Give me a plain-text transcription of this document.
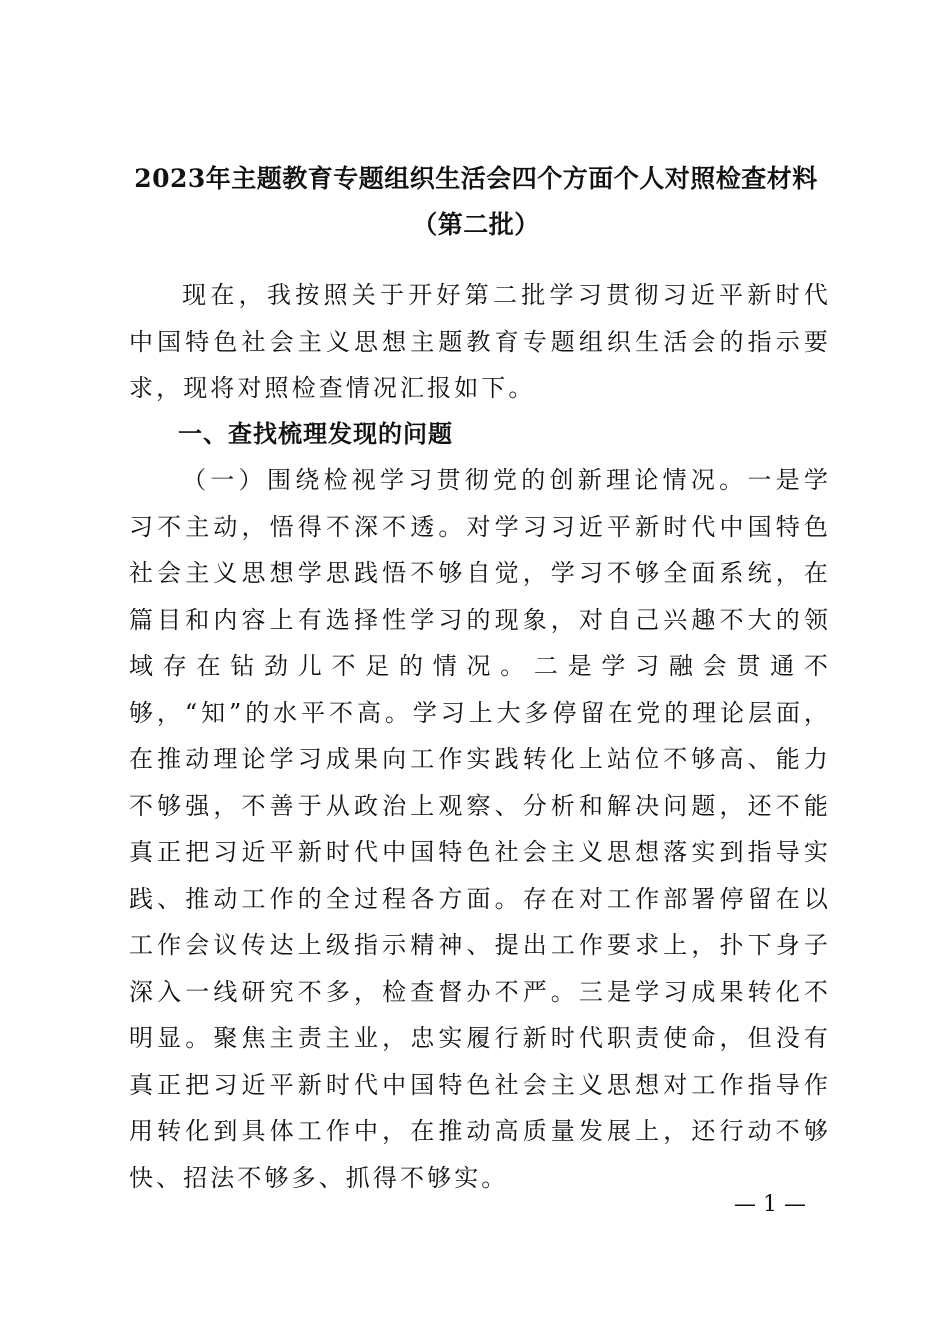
2023年主题教育专题组织生活会四个方面个人对照检查材料（第二批）

现在，我按照关于开好第二批学习贯彻习近平新时代中国特色社会主义思想主题教育专题组织生活会的指示要求，现将对照检查情况汇报如下。

一、查找梳理发现的问题

（一）围绕检视学习贯彻党的创新理论情况。一是学习不主动，悟得不深不透。对学习习近平新时代中国特色社会主义思想学思践悟不够自觉，学习不够全面系统，在篇目和内容上有选择性学习的现象，对自己兴趣不大的领域存在钻劲儿不足的情况。二是学习融会贯通不够，“知”的水平不高。学习上大多停留在党的理论层面，在推动理论学习成果向工作实践转化上站位不够高、能力不够强，不善于从政治上观察、分析和解决问题，还不能真正把习近平新时代中国特色社会主义思想落实到指导实践、推动工作的全过程各方面。存在对工作部署停留在以工作会议传达上级指示精神、提出工作要求上，扑下身子深入一线研究不多，检查督办不严。三是学习成果转化不明显。聚焦主责主业，忠实履行新时代职责使命，但没有真正把习近平新时代中国特色社会主义思想对工作指导作用转化到具体工作中，在推动高质量发展上，还行动不够快、招法不够多、抓得不够实。

— 1 —
